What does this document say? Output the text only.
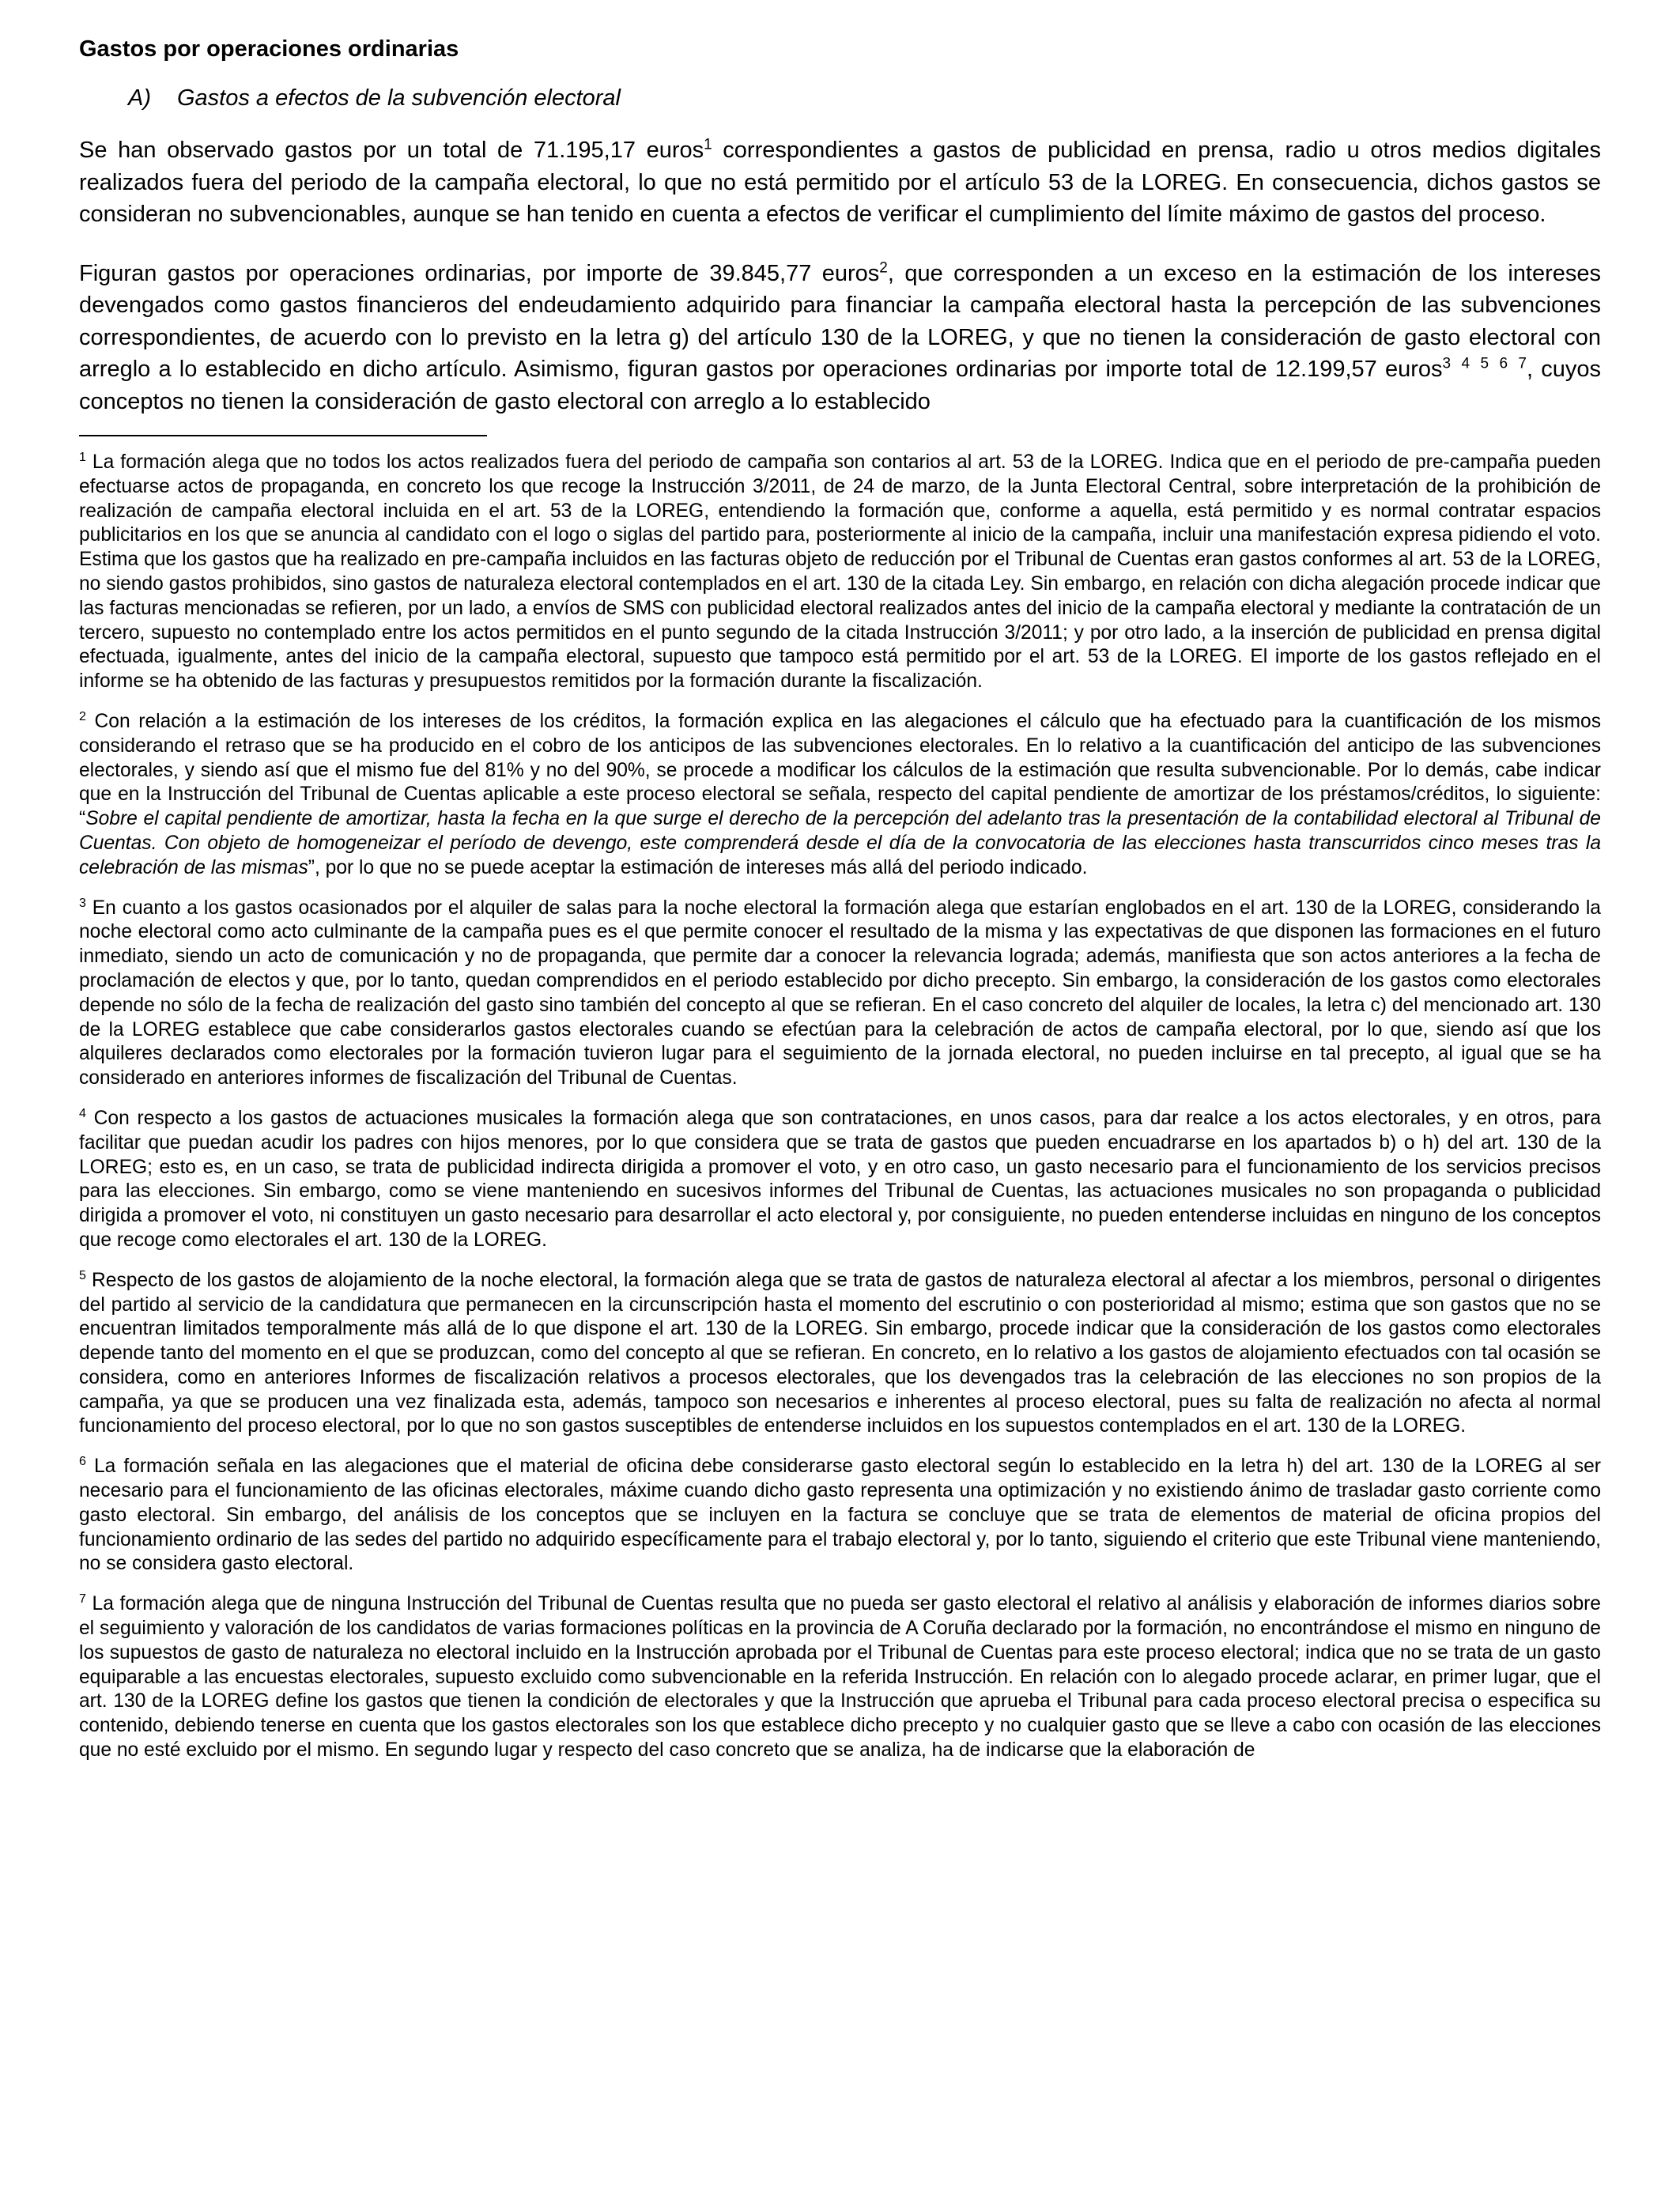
Gastos por operaciones ordinarias
A) Gastos a efectos de la subvención electoral

Se han observado gastos por un total de 71.195,17 euros$^1$ correspondientes a gastos de publicidad en prensa, radio u otros medios digitales realizados fuera del periodo de la campaña electoral, lo que no está permitido por el artículo 53 de la LOREG. En consecuencia, dichos gastos se consideran no subvencionables, aunque se han tenido en cuenta a efectos de verificar el cumplimiento del límite máximo de gastos del proceso.

Figuran gastos por operaciones ordinarias, por importe de 39.845,77 euros$^2$, que corresponden a un exceso en la estimación de los intereses devengados como gastos financieros del endeudamiento adquirido para financiar la campaña electoral hasta la percepción de las subvenciones correspondientes, de acuerdo con lo previsto en la letra g) del artículo 130 de la LOREG, y que no tienen la consideración de gasto electoral con arreglo a lo establecido en dicho artículo. Asimismo, figuran gastos por operaciones ordinarias por importe total de 12.199,57 euros$^{3 4 5 6 7}$, cuyos conceptos no tienen la consideración de gasto electoral con arreglo a lo establecido

$^1$ La formación alega que no todos los actos realizados fuera del periodo de campaña son contarios al art. 53 de la LOREG. Indica que en el periodo de pre-campaña pueden efectuarse actos de propaganda, en concreto los que recoge la Instrucción 3/2011, de 24 de marzo, de la Junta Electoral Central, sobre interpretación de la prohibición de realización de campaña electoral incluida en el art. 53 de la LOREG, entendiendo la formación que, conforme a aquella, está permitido y es normal contratar espacios publicitarios en los que se anuncia al candidato con el logo o siglas del partido para, posteriormente al inicio de la campaña, incluir una manifestación expresa pidiendo el voto. Estima que los gastos que ha realizado en pre-campaña incluidos en las facturas objeto de reducción por el Tribunal de Cuentas eran gastos conformes al art. 53 de la LOREG, no siendo gastos prohibidos, sino gastos de naturaleza electoral contemplados en el art. 130 de la citada Ley. Sin embargo, en relación con dicha alegación procede indicar que las facturas mencionadas se refieren, por un lado, a envíos de SMS con publicidad electoral realizados antes del inicio de la campaña electoral y mediante la contratación de un tercero, supuesto no contemplado entre los actos permitidos en el punto segundo de la citada Instrucción 3/2011; y por otro lado, a la inserción de publicidad en prensa digital efectuada, igualmente, antes del inicio de la campaña electoral, supuesto que tampoco está permitido por el art. 53 de la LOREG. El importe de los gastos reflejado en el informe se ha obtenido de las facturas y presupuestos remitidos por la formación durante la fiscalización.

$^2$ Con relación a la estimación de los intereses de los créditos, la formación explica en las alegaciones el cálculo que ha efectuado para la cuantificación de los mismos considerando el retraso que se ha producido en el cobro de los anticipos de las subvenciones electorales. En lo relativo a la cuantificación del anticipo de las subvenciones electorales, y siendo así que el mismo fue del 81% y no del 90%, se procede a modificar los cálculos de la estimación que resulta subvencionable. Por lo demás, cabe indicar que en la Instrucción del Tribunal de Cuentas aplicable a este proceso electoral se señala, respecto del capital pendiente de amortizar de los préstamos/créditos, lo siguiente: “Sobre el capital pendiente de amortizar, hasta la fecha en la que surge el derecho de la percepción del adelanto tras la presentación de la contabilidad electoral al Tribunal de Cuentas. Con objeto de homogeneizar el período de devengo, este comprenderá desde el día de la convocatoria de las elecciones hasta transcurridos cinco meses tras la celebración de las mismas”, por lo que no se puede aceptar la estimación de intereses más allá del periodo indicado.

$^3$ En cuanto a los gastos ocasionados por el alquiler de salas para la noche electoral la formación alega que estarían englobados en el art. 130 de la LOREG, considerando la noche electoral como acto culminante de la campaña pues es el que permite conocer el resultado de la misma y las expectativas de que disponen las formaciones en el futuro inmediato, siendo un acto de comunicación y no de propaganda, que permite dar a conocer la relevancia lograda; además, manifiesta que son actos anteriores a la fecha de proclamación de electos y que, por lo tanto, quedan comprendidos en el periodo establecido por dicho precepto. Sin embargo, la consideración de los gastos como electorales depende no sólo de la fecha de realización del gasto sino también del concepto al que se refieran. En el caso concreto del alquiler de locales, la letra c) del mencionado art. 130 de la LOREG establece que cabe considerarlos gastos electorales cuando se efectúan para la celebración de actos de campaña electoral, por lo que, siendo así que los alquileres declarados como electorales por la formación tuvieron lugar para el seguimiento de la jornada electoral, no pueden incluirse en tal precepto, al igual que se ha considerado en anteriores informes de fiscalización del Tribunal de Cuentas.

$^4$ Con respecto a los gastos de actuaciones musicales la formación alega que son contrataciones, en unos casos, para dar realce a los actos electorales, y en otros, para facilitar que puedan acudir los padres con hijos menores, por lo que considera que se trata de gastos que pueden encuadrarse en los apartados b) o h) del art. 130 de la LOREG; esto es, en un caso, se trata de publicidad indirecta dirigida a promover el voto, y en otro caso, un gasto necesario para el funcionamiento de los servicios precisos para las elecciones. Sin embargo, como se viene manteniendo en sucesivos informes del Tribunal de Cuentas, las actuaciones musicales no son propaganda o publicidad dirigida a promover el voto, ni constituyen un gasto necesario para desarrollar el acto electoral y, por consiguiente, no pueden entenderse incluidas en ninguno de los conceptos que recoge como electorales el art. 130 de la LOREG.

$^5$ Respecto de los gastos de alojamiento de la noche electoral, la formación alega que se trata de gastos de naturaleza electoral al afectar a los miembros, personal o dirigentes del partido al servicio de la candidatura que permanecen en la circunscripción hasta el momento del escrutinio o con posterioridad al mismo; estima que son gastos que no se encuentran limitados temporalmente más allá de lo que dispone el art. 130 de la LOREG. Sin embargo, procede indicar que la consideración de los gastos como electorales depende tanto del momento en el que se produzcan, como del concepto al que se refieran. En concreto, en lo relativo a los gastos de alojamiento efectuados con tal ocasión se considera, como en anteriores Informes de fiscalización relativos a procesos electorales, que los devengados tras la celebración de las elecciones no son propios de la campaña, ya que se producen una vez finalizada esta, además, tampoco son necesarios e inherentes al proceso electoral, pues su falta de realización no afecta al normal funcionamiento del proceso electoral, por lo que no son gastos susceptibles de entenderse incluidos en los supuestos contemplados en el art. 130 de la LOREG.

$^6$ La formación señala en las alegaciones que el material de oficina debe considerarse gasto electoral según lo establecido en la letra h) del art. 130 de la LOREG al ser necesario para el funcionamiento de las oficinas electorales, máxime cuando dicho gasto representa una optimización y no existiendo ánimo de trasladar gasto corriente como gasto electoral. Sin embargo, del análisis de los conceptos que se incluyen en la factura se concluye que se trata de elementos de material de oficina propios del funcionamiento ordinario de las sedes del partido no adquirido específicamente para el trabajo electoral y, por lo tanto, siguiendo el criterio que este Tribunal viene manteniendo, no se considera gasto electoral.

$^7$ La formación alega que de ninguna Instrucción del Tribunal de Cuentas resulta que no pueda ser gasto electoral el relativo al análisis y elaboración de informes diarios sobre el seguimiento y valoración de los candidatos de varias formaciones políticas en la provincia de A Coruña declarado por la formación, no encontrándose el mismo en ninguno de los supuestos de gasto de naturaleza no electoral incluido en la Instrucción aprobada por el Tribunal de Cuentas para este proceso electoral; indica que no se trata de un gasto equiparable a las encuestas electorales, supuesto excluido como subvencionable en la referida Instrucción. En relación con lo alegado procede aclarar, en primer lugar, que el art. 130 de la LOREG define los gastos que tienen la condición de electorales y que la Instrucción que aprueba el Tribunal para cada proceso electoral precisa o especifica su contenido, debiendo tenerse en cuenta que los gastos electorales son los que establece dicho precepto y no cualquier gasto que se lleve a cabo con ocasión de las elecciones que no esté excluido por el mismo. En segundo lugar y respecto del caso concreto que se analiza, ha de indicarse que la elaboración de
